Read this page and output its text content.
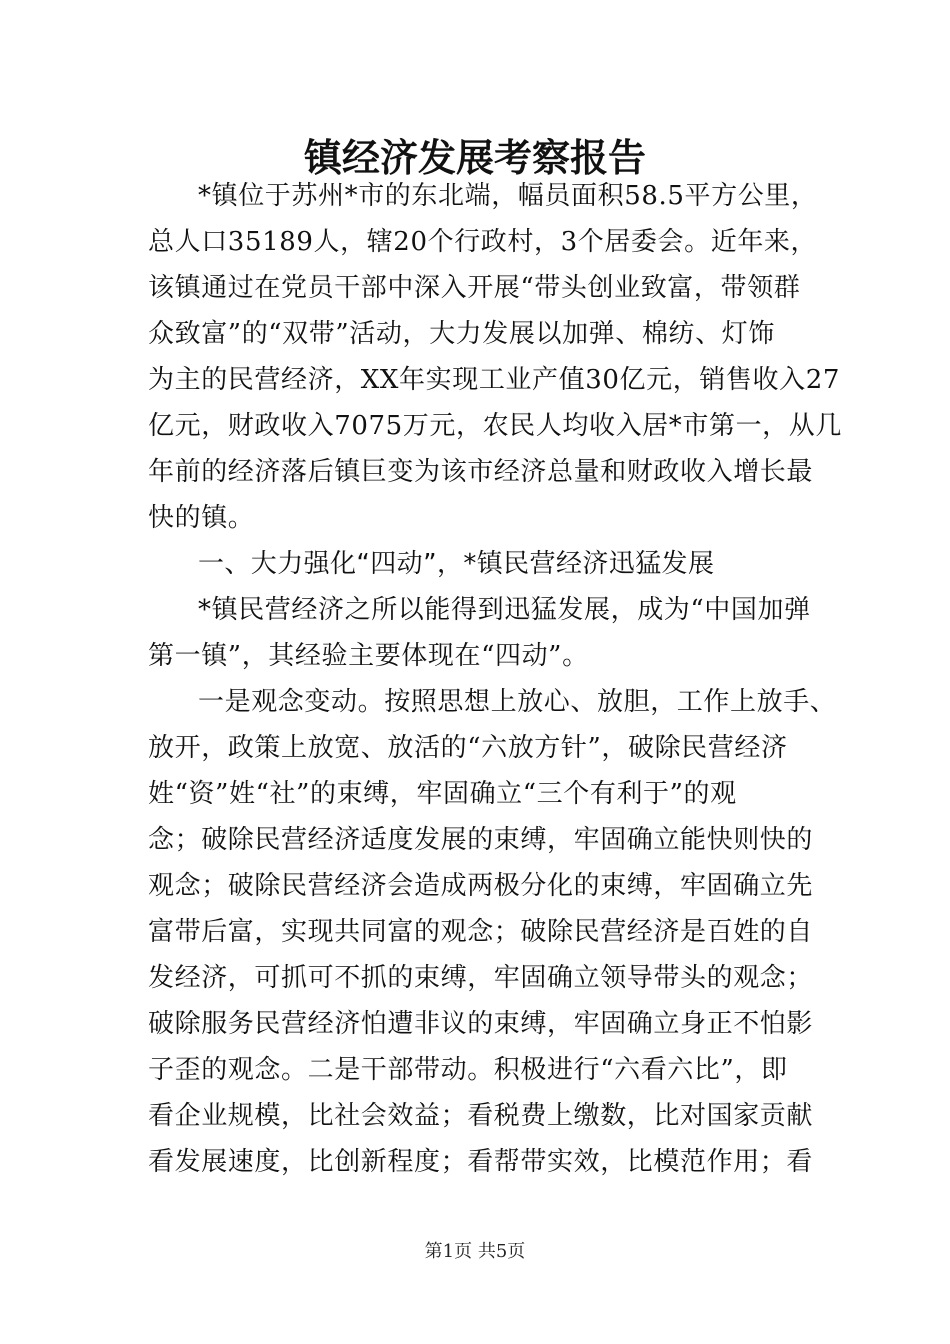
镇经济发展考察报告
*镇位于苏州*市的东北端，幅员面积58.5平方公里，
总人口35189人，辖20个行政村，3个居委会。近年来，
该镇通过在党员干部中深入开展“带头创业致富，带领群
众致富”的“双带”活动，大力发展以加弹、棉纺、灯饰
为主的民营经济，XX年实现工业产值30亿元，销售收入27
亿元，财政收入7075万元，农民人均收入居*市第一，从几
年前的经济落后镇巨变为该市经济总量和财政收入增长最
快的镇。
一、大力强化“四动”，*镇民营经济迅猛发展
*镇民营经济之所以能得到迅猛发展，成为“中国加弹
第一镇”，其经验主要体现在“四动”。
一是观念变动。按照思想上放心、放胆，工作上放手、
放开，政策上放宽、放活的“六放方针”，破除民营经济
姓“资”姓“社”的束缚，牢固确立“三个有利于”的观
念；破除民营经济适度发展的束缚，牢固确立能快则快的
观念；破除民营经济会造成两极分化的束缚，牢固确立先
富带后富，实现共同富的观念；破除民营经济是百姓的自
发经济，可抓可不抓的束缚，牢固确立领导带头的观念；
破除服务民营经济怕遭非议的束缚，牢固确立身正不怕影
子歪的观念。二是干部带动。积极进行“六看六比”，即
看企业规模，比社会效益；看税费上缴数，比对国家贡献
看发展速度，比创新程度；看帮带实效，比模范作用；看
第1页 共5页
